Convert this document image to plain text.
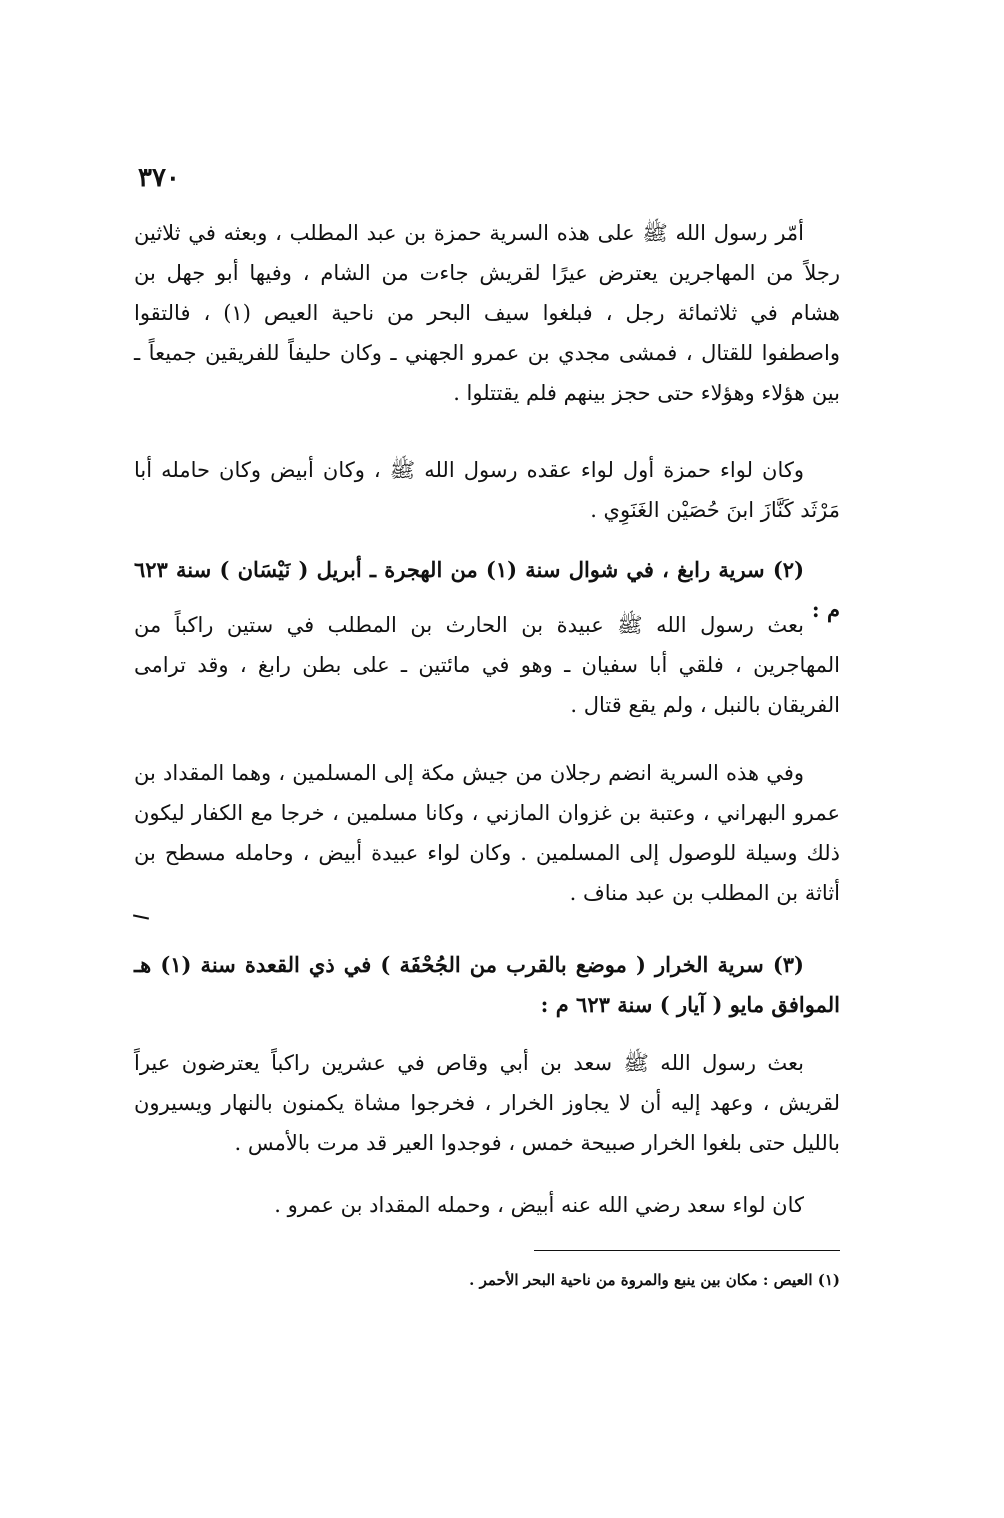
٣٧٠
أمّر رسول الله ﷺ على هذه السرية حمزة بن عبد المطلب ، وبعثه في ثلاثين رجلاً من المهاجرين يعترض عيرًا لقريش جاءت من الشام ، وفيها أبو جهل بن هشام في ثلاثمائة رجل ، فبلغوا سيف البحر من ناحية العيص (١) ، فالتقوا واصطفوا للقتال ، فمشى مجدي بن عمرو الجهني ـ وكان حليفاً للفريقين جميعاً ـ بين هؤلاء وهؤلاء حتى حجز بينهم فلم يقتتلوا .
وكان لواء حمزة أول لواء عقده رسول الله ﷺ ، وكان أبيض وكان حامله أبا مَرْثَد كَنَّازَ ابنَ حُصَيْن الغَنَوِي .
(٢) سرية رابغ ، في شوال سنة (١) من الهجرة ـ أبريل ( نَيْسَان ) سنة ٦٢٣ م :
بعث رسول الله ﷺ عبيدة بن الحارث بن المطلب في ستين راكباً من المهاجرين ، فلقي أبا سفيان ـ وهو في مائتين ـ على بطن رابغ ، وقد ترامى الفريقان بالنبل ، ولم يقع قتال .
وفي هذه السرية انضم رجلان من جيش مكة إلى المسلمين ، وهما المقداد بن عمرو البهراني ، وعتبة بن غزوان المازني ، وكانا مسلمين ، خرجا مع الكفار ليكون ذلك وسيلة للوصول إلى المسلمين . وكان لواء عبيدة أبيض ، وحامله مسطح بن أثاثة بن المطلب بن عبد مناف .
(٣) سرية الخرار ( موضع بالقرب من الجُحْفَة ) في ذي القعدة سنة (١) هـ الموافق مايو ( آيار ) سنة ٦٢٣ م :
بعث رسول الله ﷺ سعد بن أبي وقاص في عشرين راكباً يعترضون عيراً لقريش ، وعهد إليه أن لا يجاوز الخرار ، فخرجوا مشاة يكمنون بالنهار ويسيرون بالليل حتى بلغوا الخرار صبيحة خمس ، فوجدوا العير قد مرت بالأمس .
كان لواء سعد رضي الله عنه أبيض ، وحمله المقداد بن عمرو .
(١) العيص : مكان بين ينبع والمروة من ناحية البحر الأحمر .
